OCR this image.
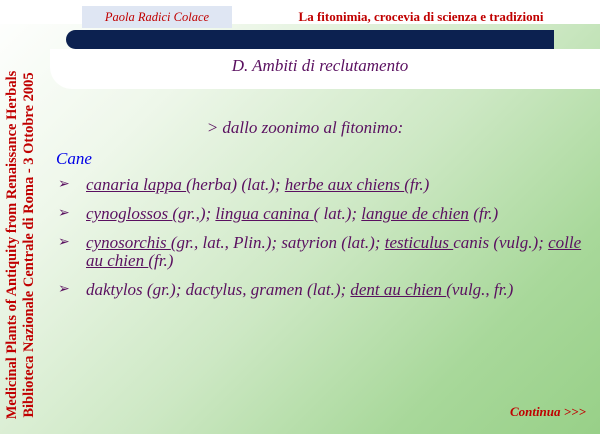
Paola Radici Colace	La fitonimia, crocevia di scienza e tradizioni
D. Ambiti di reclutamento
Medicinal Plants of Antiquity from Renaissance Herbals Biblioteca Nazionale Centrale di Roma - 3 Ottobre 2005	> dallo zoonimo al fitonimo:
Cane
➢ canaria lappa (herba) (lat.); herbe aux chiens (fr.)
➢ cynoglossos (gr.,); lingua canina ( lat.); langue de chien (fr.)
➢ cynosorchis (gr., lat., Plin.); satyrion (lat.); testiculus canis (vulg.); colle au chien (fr.)
➢ daktylos (gr.); dactylus, gramen (lat.); dent au chien (vulg., fr.)
Continua >>>
